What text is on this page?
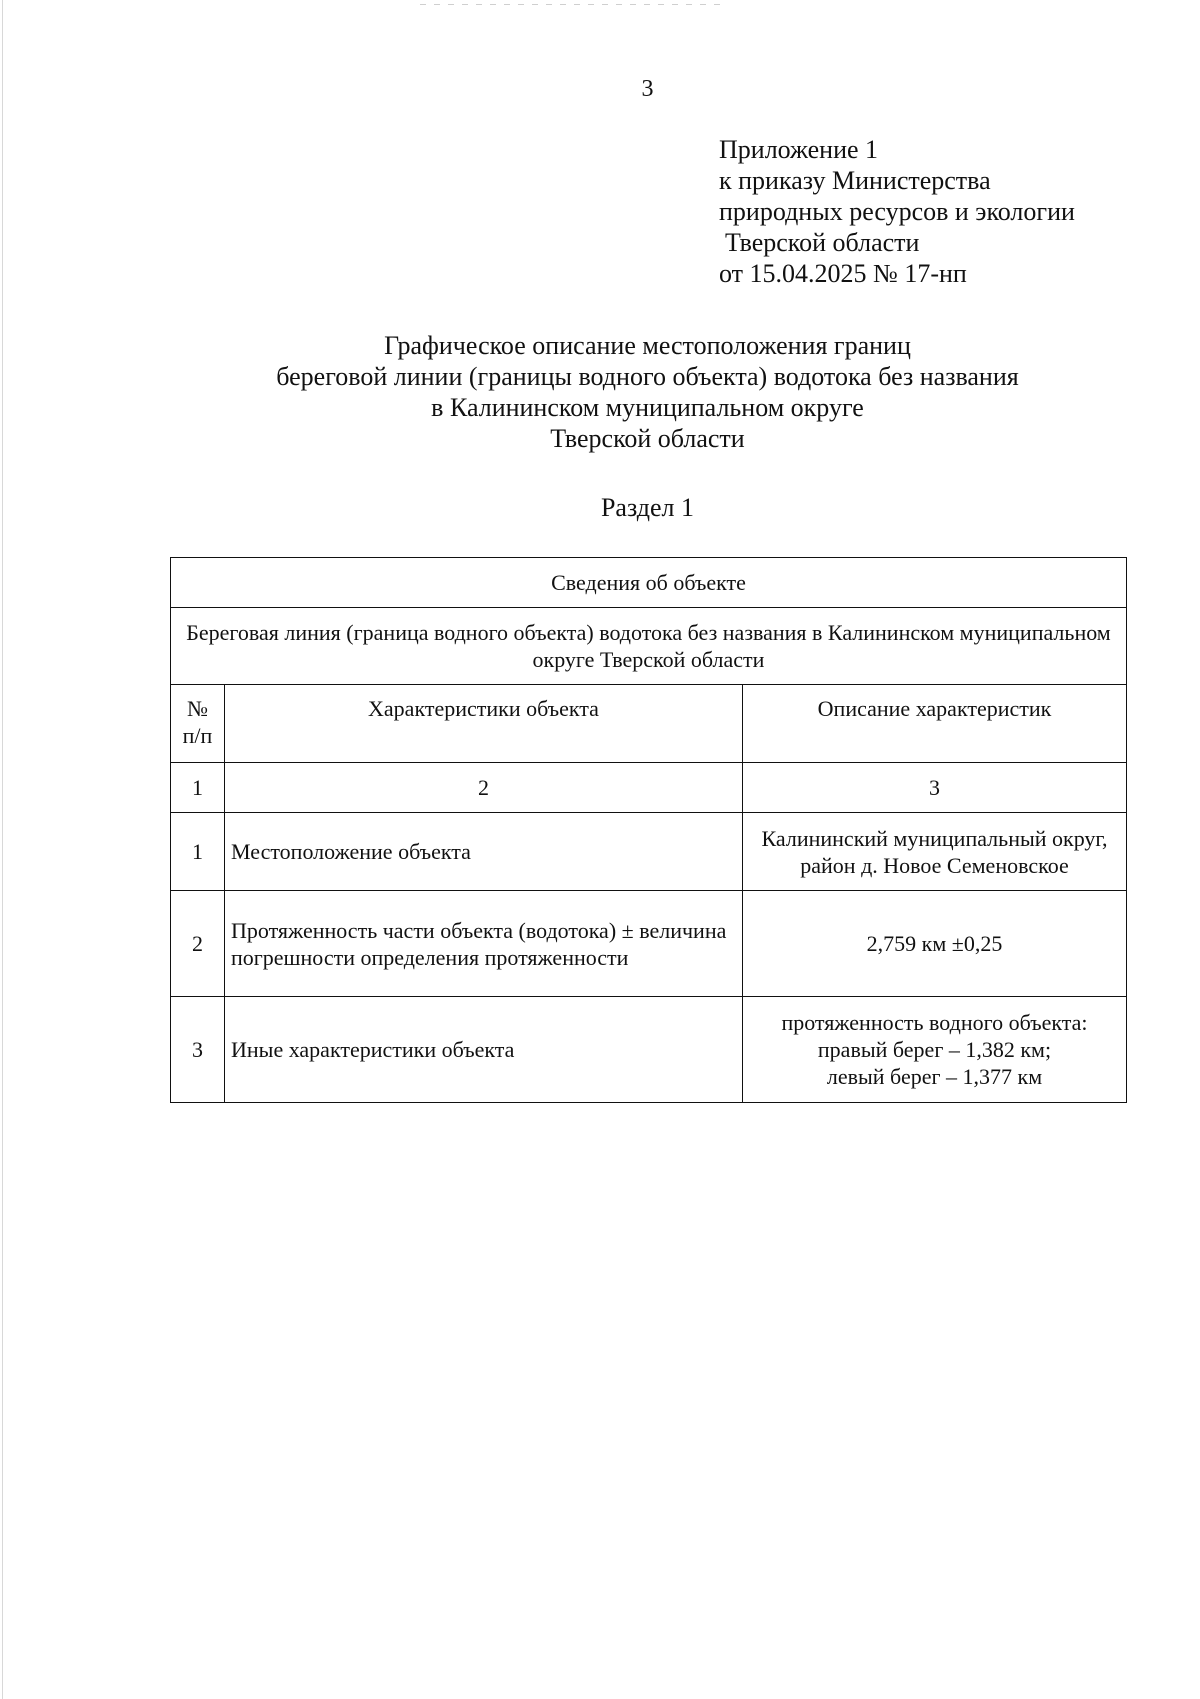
3
Приложение 1
к приказу Министерства
природных ресурсов и экологии
Тверской области
от 15.04.2025 № 17-нп
Графическое описание местоположения границ
береговой линии (границы водного объекта) водотока без названия
в Калининском муниципальном округе
Тверской области
Раздел 1
Сведения об объекте		
Береговая линия (граница водного объекта) водотока без названия в Калининском муниципальном округе Тверской области		

№
п/п	Характеристики объекта	Описание характеристик
1	2	3
1	Местоположение объекта	Калининский муниципальный округ, район д. Новое Семеновское
2	Протяженность части объекта (водотока) ± величина погрешности определения протяженности	2,759 км ±0,25
3	Иные характеристики объекта	протяженность водного объекта:
правый берег – 1,382 км;
левый берег – 1,377 км
